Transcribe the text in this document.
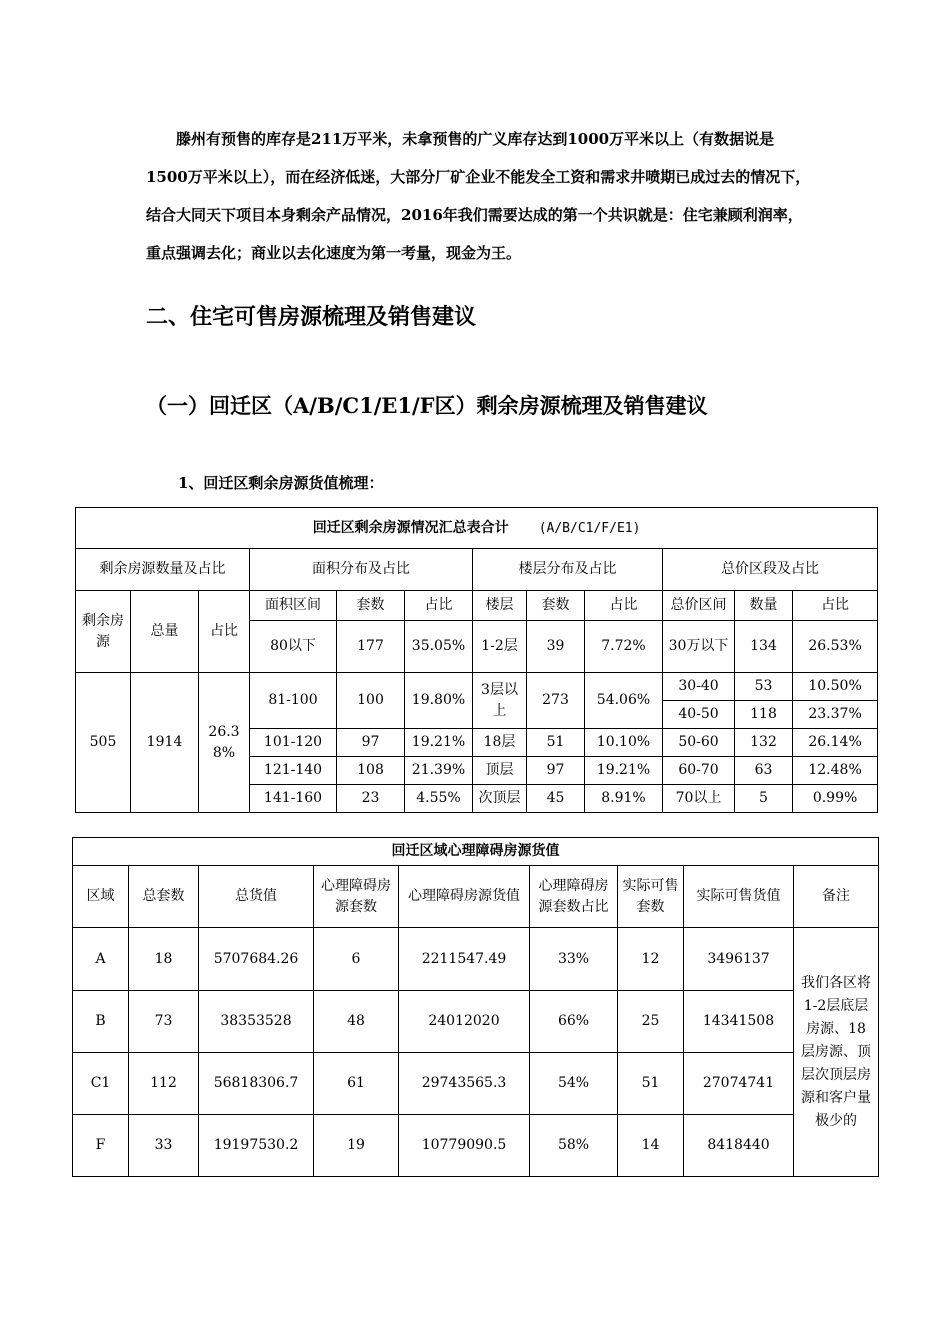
滕州有预售的库存是211万平米，未拿预售的广义库存达到1000万平米以上（有数据说是1500万平米以上），而在经济低迷，大部分厂矿企业不能发全工资和需求井喷期已成过去的情况下，结合大同天下项目本身剩余产品情况，2016年我们需要达成的第一个共识就是：住宅兼顾利润率，重点强调去化；商业以去化速度为第一考量，现金为王。
二、住宅可售房源梳理及销售建议
（一）回迁区（A/B/C1/E1/F区）剩余房源梳理及销售建议
1、回迁区剩余房源货值梳理：
回迁区剩余房源情况汇总表合计 (A/B/C1/F/E1)											
剩余房源数量及占比			面积分布及占比			楼层分布及占比			总价区段及占比		
剩余房源	总量	占比	面积区间	套数	占比	楼层	套数	占比	总价区间	数量	占比
			80以下	177	35.05%	1-2层	39	7.72%	30万以下	134	26.53%
505	1914	26.38%	81-100	100	19.80%	3层以上	273	54.06%	30-40	53	10.50%
									40-50	118	23.37%
			101-120	97	19.21%	18层	51	10.10%	50-60	132	26.14%
			121-140	108	21.39%	顶层	97	19.21%	60-70	63	12.48%
			141-160	23	4.55%	次顶层	45	8.91%	70以上	5	0.99%
回迁区域心理障碍房源货值								
区域	总套数	总货值	心理障碍房源套数	心理障碍房源货值	心理障碍房源套数占比	实际可售套数	实际可售货值	备注
A	18	5707684.26	6	2211547.49	33%	12	3496137	我们各区将1-2层底层房源、18层房源、顶层次顶层房源和客户量极少的
B	73	38353528	48	24012020	66%	25	14341508	
C1	112	56818306.7	61	29743565.3	54%	51	27074741	
F	33	19197530.2	19	10779090.5	58%	14	8418440	
